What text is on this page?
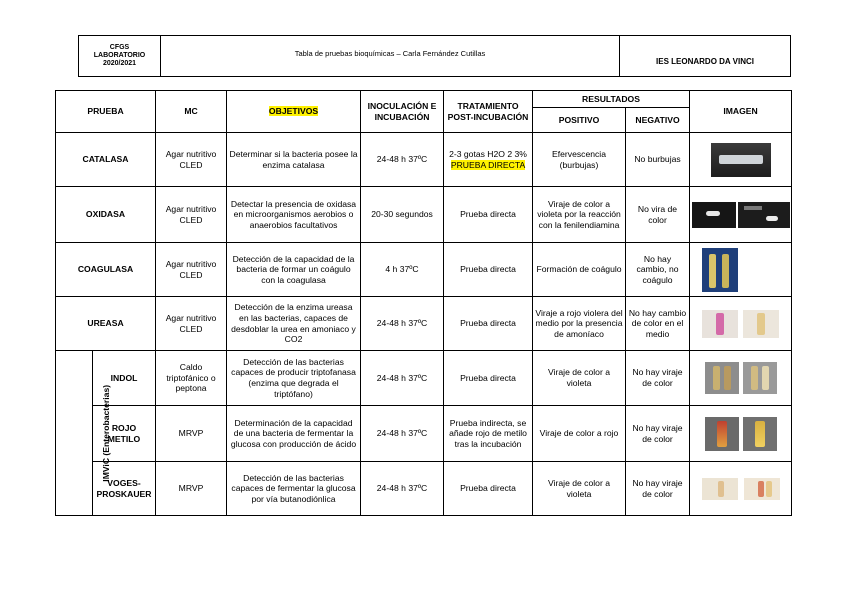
CFGS
LABORATORIO
2020/2021
Tabla de pruebas bioquímicas – Carla Fernández Cutillas
IES LEONARDO DA VINCI
PRUEBA		MC	OBJETIVOS	INOCULACIÓN E INCUBACIÓN	TRATAMIENTO POST-INCUBACIÓN	RESULTADOS		IMAGEN
						POSITIVO	NEGATIVO	
CATALASA		Agar nutritivo CLED	Determinar si la bacteria posee la enzima catalasa	24-48 h 37ºC	2-3 gotas H2O 2 3%
PRUEBA DIRECTA	Efervescencia (burbujas)	No burbujas	

OXIDASA		Agar nutritivo CLED	Detectar la presencia de oxidasa en microorganismos aerobios o anaerobios facultativos	20-30 segundos	Prueba directa	Viraje de color a violeta por la reacción con la fenilendiamina	No vira de color	

COAGULASA		Agar nutritivo CLED	Detección de la capacidad de la bacteria de formar un coágulo con la coagulasa	4 h 37ºC	Prueba directa	Formación de coágulo	No hay cambio, no coágulo	

UREASA		Agar nutritivo CLED	Detección de la enzima ureasa en las bacterias, capaces de desdoblar la urea en amoniaco y CO2	24-48 h 37ºC	Prueba directa	Viraje a rojo violera del medio por la presencia de amoníaco	No hay cambio de color en el medio	

IMViC (Enterobacterias)	INDOL	Caldo triptofánico o peptona	Detección de las bacterias capaces de producir triptofanasa (enzima que degrada el triptófano)	24-48 h 37ºC	Prueba directa	Viraje de color a violeta	No hay viraje de color	

	ROJO METILO	MRVP	Determinación de la capacidad de una bacteria de fermentar la glucosa con producción de ácido	24-48 h 37ºC	Prueba indirecta, se añade rojo de metilo tras la incubación	Viraje de color a rojo	No hay viraje de color	

	VOGES-PROSKAUER	MRVP	Detección de las bacterias capaces de fermentar la glucosa por vía butanodiónlica	24-48 h 37ºC	Prueba directa	Viraje de color a violeta	No hay viraje de color	
